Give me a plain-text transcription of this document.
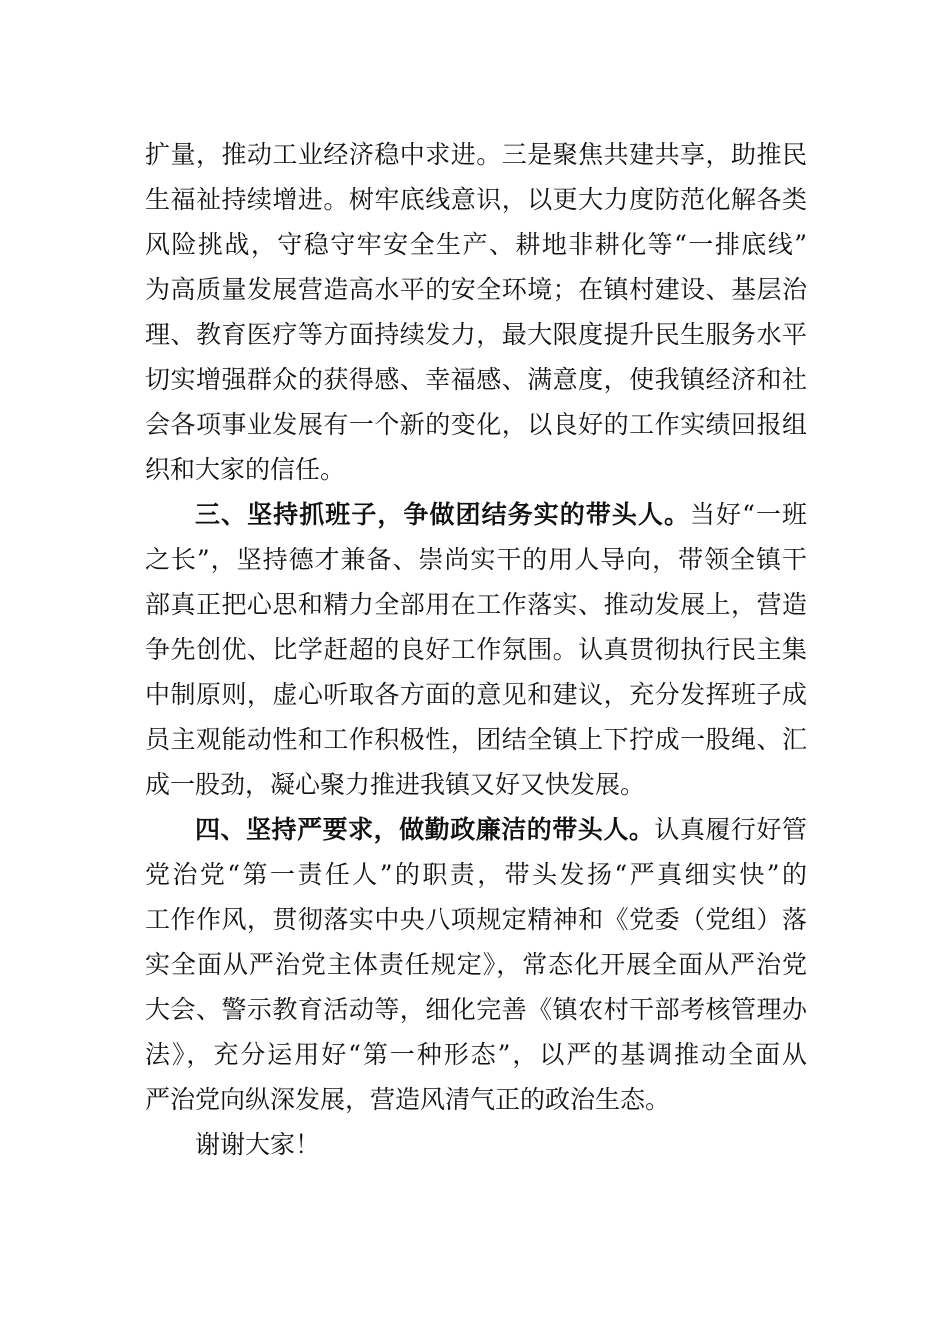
扩量，推动工业经济稳中求进。三是聚焦共建共享，助推民
生福祉持续增进。树牢底线意识，以更大力度防范化解各类
风险挑战，守稳守牢安全生产、耕地非耕化等“一排底线”
为高质量发展营造高水平的安全环境；在镇村建设、基层治
理、教育医疗等方面持续发力，最大限度提升民生服务水平
切实增强群众的获得感、幸福感、满意度，使我镇经济和社
会各项事业发展有一个新的变化，以良好的工作实绩回报组
织和大家的信任。
三、坚持抓班子，争做团结务实的带头人。当好“一班
之长”，坚持德才兼备、崇尚实干的用人导向，带领全镇干
部真正把心思和精力全部用在工作落实、推动发展上，营造
争先创优、比学赶超的良好工作氛围。认真贯彻执行民主集
中制原则，虚心听取各方面的意见和建议，充分发挥班子成
员主观能动性和工作积极性，团结全镇上下拧成一股绳、汇
成一股劲，凝心聚力推进我镇又好又快发展。
四、坚持严要求，做勤政廉洁的带头人。认真履行好管
党治党“第一责任人”的职责，带头发扬“严真细实快”的
工作作风，贯彻落实中央八项规定精神和《党委（党组）落
实全面从严治党主体责任规定》，常态化开展全面从严治党
大会、警示教育活动等，细化完善《镇农村干部考核管理办
法》，充分运用好“第一种形态”，以严的基调推动全面从
严治党向纵深发展，营造风清气正的政治生态。
谢谢大家！
